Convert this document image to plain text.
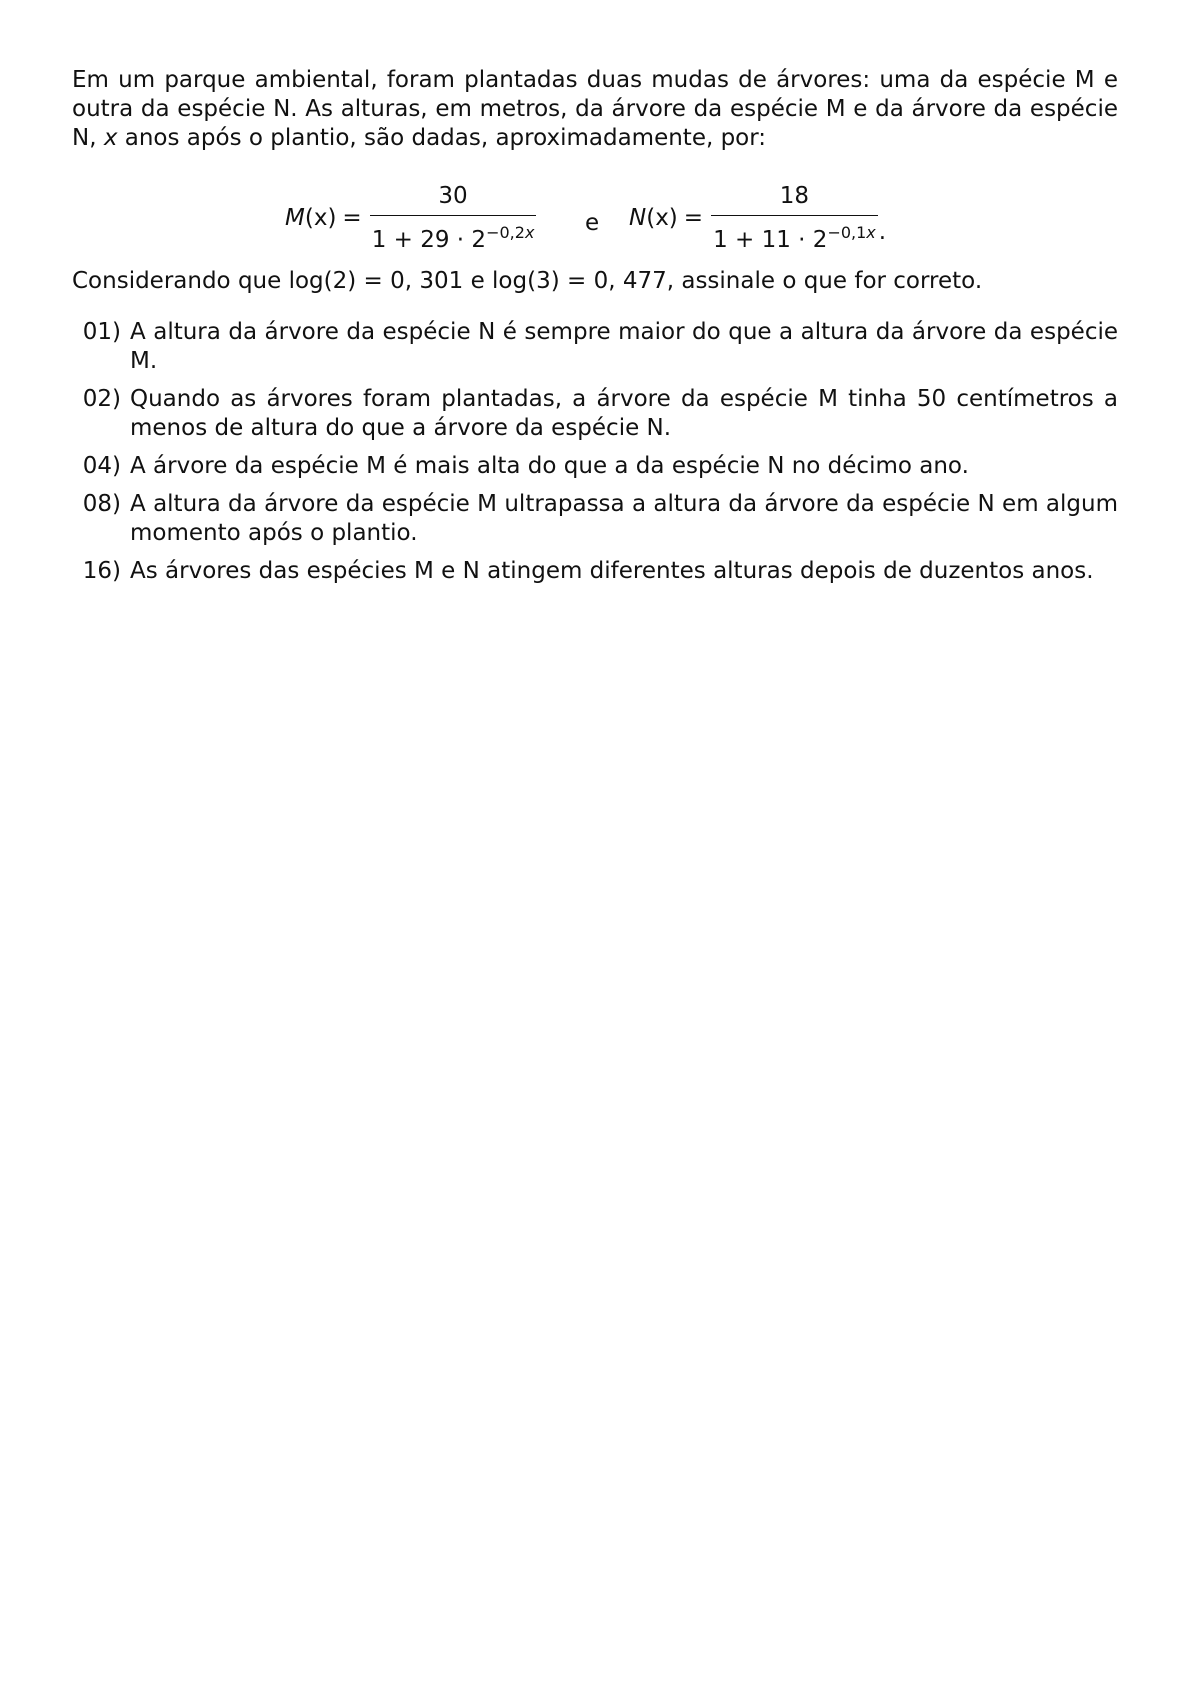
Em um parque ambiental, foram plantadas duas mudas de árvores: uma da espécie M e outra da espécie N. As alturas, em metros, da árvore da espécie M e da árvore da espécie N, x anos após o plantio, são dadas, aproximadamente, por:

M $(x) = \frac{30}{1 + 29 \cdot 2^{-0,2x}}$ e N $(x) = \frac{18}{1 + 11 \cdot 2^{-0,1x}}$ .

Considerando que log(2) = 0, 301 e log(3) = 0, 477, assinale o que for correto.

01) A altura da árvore da espécie N é sempre maior do que a altura da árvore da espécie M.
02) Quando as árvores foram plantadas, a árvore da espécie M tinha 50 centímetros a menos de altura do que a árvore da espécie N.
04) A árvore da espécie M é mais alta do que a da espécie N no décimo ano.
08) A altura da árvore da espécie M ultrapassa a altura da árvore da espécie N em algum momento após o plantio.
16) As árvores das espécies M e N atingem diferentes alturas depois de duzentos anos.
